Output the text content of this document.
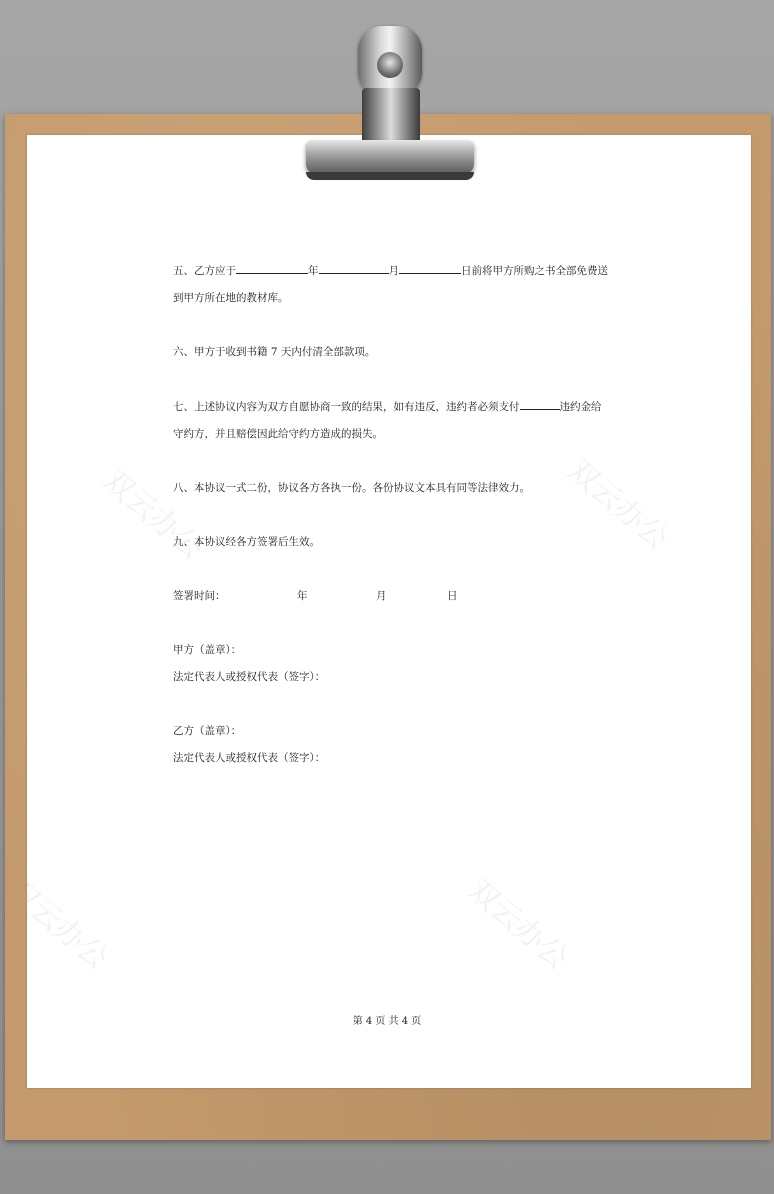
双云办公	双云办公
双云办公	双云办公

五、乙方应于	年	月	日前将甲方所购之书全部免费送

到甲方所在地的教材库。

六、甲方于收到书籍 7 天内付清全部款项。

七、上述协议内容为双方自愿协商一致的结果，如有违反，违约者必须支付	违约金给

守约方，并且赔偿因此给守约方造成的损失。

八、本协议一式二份，协议各方各执一份。各份协议文本具有同等法律效力。

九、本协议经各方签署后生效。

签署时间：	年	月	日

甲方（盖章）：

法定代表人或授权代表（签字）：

乙方（盖章）：

法定代表人或授权代表（签字）：

第 4 页 共 4 页
